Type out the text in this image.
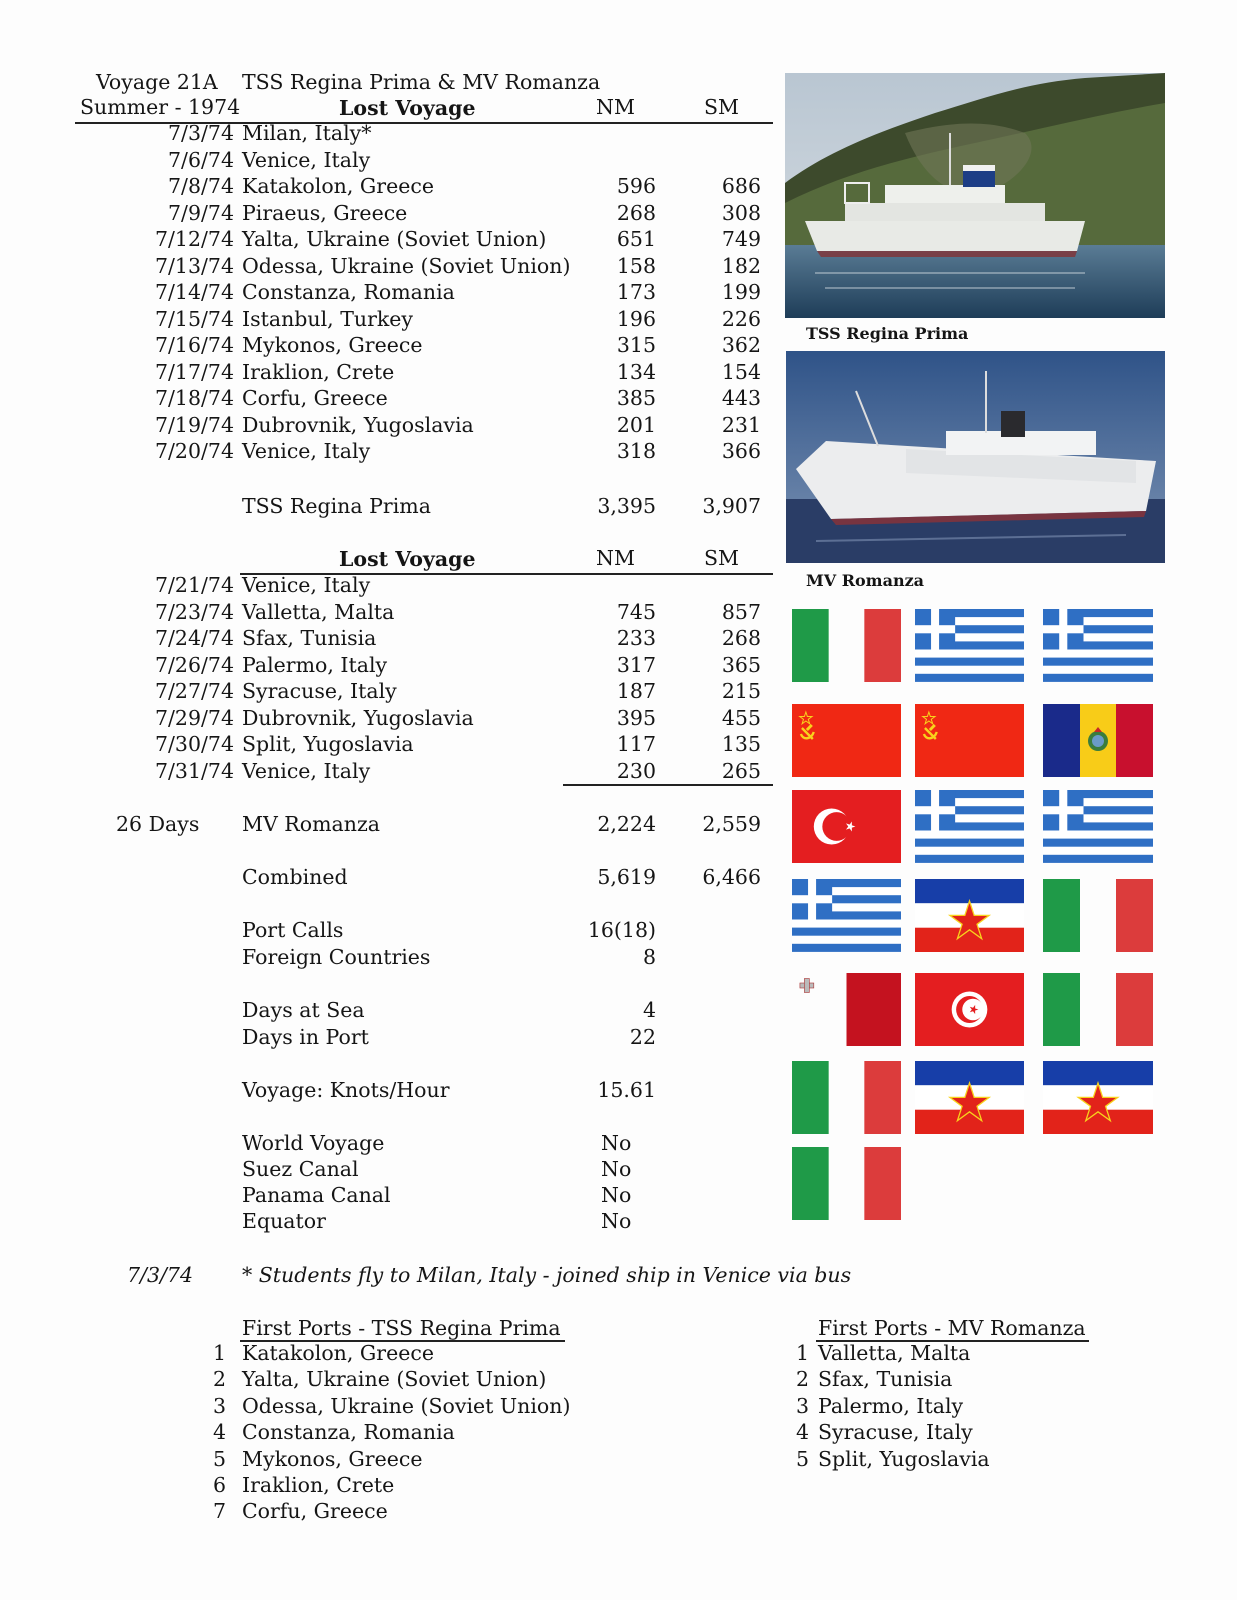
Voyage 21A
Summer - 1974
TSS Regina Prima & MV Romanza
Lost Voyage	NM	SM
7/3/74 Milan, Italy*
7/6/74 Venice, Italy
7/8/74 Katakolon, Greece	596	686
7/9/74 Piraeus, Greece	268	308
7/12/74 Yalta, Ukraine (Soviet Union)	651	749
7/13/74 Odessa, Ukraine (Soviet Union)	158	182
7/14/74 Constanza, Romania	173	199
7/15/74 Istanbul, Turkey	196	226
7/16/74 Mykonos, Greece	315	362
7/17/74 Iraklion, Crete	134	154
7/18/74 Corfu, Greece	385	443
7/19/74 Dubrovnik, Yugoslavia	201	231
7/20/74 Venice, Italy	318	366
TSS Regina Prima	3,395	3,907
Lost Voyage	NM	SM
7/21/74 Venice, Italy
7/23/74 Valletta, Malta	745	857
7/24/74 Sfax, Tunisia	233	268
7/26/74 Palermo, Italy	317	365
7/27/74 Syracuse, Italy	187	215
7/29/74 Dubrovnik, Yugoslavia	395	455
7/30/74 Split, Yugoslavia	117	135
7/31/74 Venice, Italy	230	265
26 Days MV Romanza	2,224	2,559
Combined	5,619	6,466
Port Calls	16(18)
Foreign Countries	8
Days at Sea	4
Days in Port	22
Voyage: Knots/Hour	15.61
World Voyage	No
Suez Canal	No
Panama Canal	No
Equator	No
7/3/74 * Students fly to Milan, Italy - joined ship in Venice via bus
First Ports - TSS Regina Prima
1 Katakolon, Greece
2 Yalta, Ukraine (Soviet Union)
3 Odessa, Ukraine (Soviet Union)
4 Constanza, Romania
5 Mykonos, Greece
6 Iraklion, Crete
7 Corfu, Greece
First Ports - MV Romanza
1 Valletta, Malta
2 Sfax, Tunisia
3 Palermo, Italy
4 Syracuse, Italy
5 Split, Yugoslavia
TSS Regina Prima
MV Romanza
